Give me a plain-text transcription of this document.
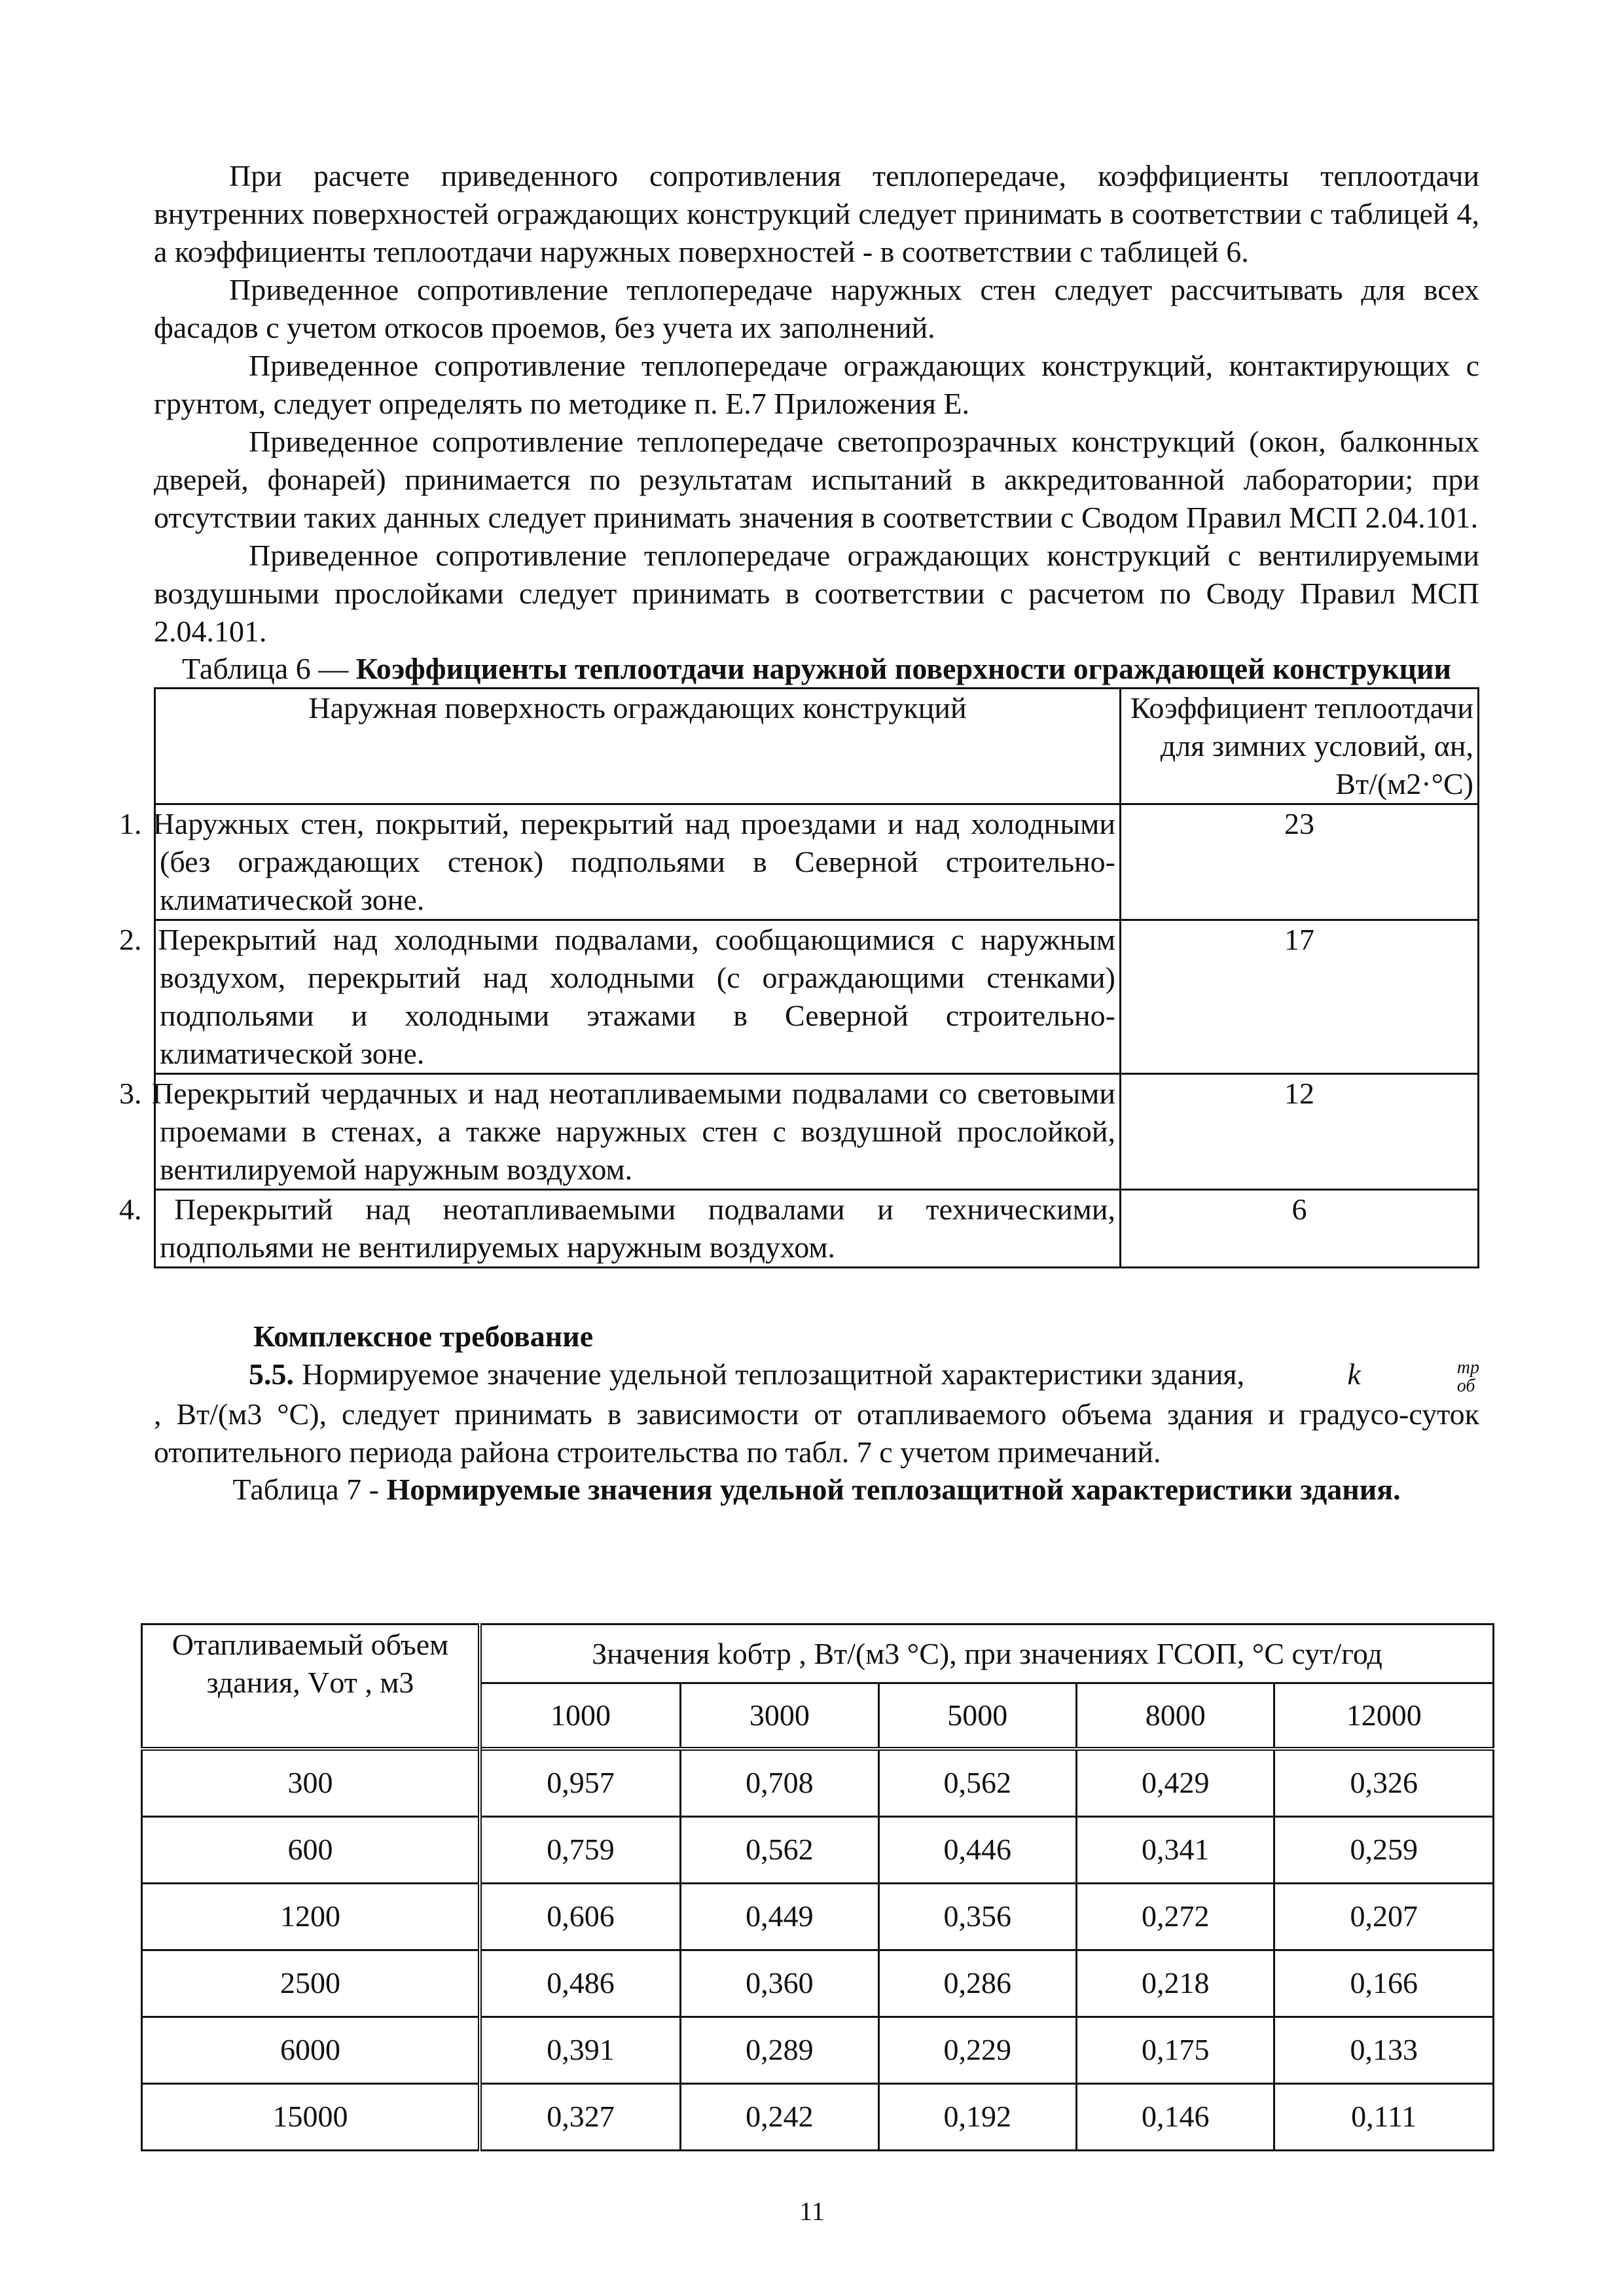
При расчете приведенного сопротивления теплопередаче, коэффициенты теплоотдачи внутренних поверхностей ограждающих конструкций следует принимать в соответствии с таблицей 4, а коэффициенты теплоотдачи наружных поверхностей - в соответствии с таблицей 6.

Приведенное сопротивление теплопередаче наружных стен следует рассчитывать для всех фасадов с учетом откосов проемов, без учета их заполнений.

Приведенное сопротивление теплопередаче ограждающих конструкций, контактирующих с грунтом, следует определять по методике п. Е.7 Приложения Е.

Приведенное сопротивление теплопередаче светопрозрачных конструкций (окон, балконных дверей, фонарей) принимается по результатам испытаний в аккредитованной лаборатории; при отсутствии таких данных следует принимать значения в соответствии с Сводом Правил МСП 2.04.101.

Приведенное сопротивление теплопередаче ограждающих конструкций с вентилируемыми воздушными прослойками следует принимать в соответствии с расчетом по Своду Правил МСП 2.04.101.

Таблица 6 — Коэффициенты теплоотдачи наружной поверхности ограждающей конструкции
Наружная поверхность ограждающих конструкций	Коэффициент теплоотдачи для зимних условий, αн, Вт/(м2·°С)
1. Наружных стен, покрытий, перекрытий над проездами и над холодными (без ограждающих стенок) подпольями в Северной строительно-климатической зоне.	23
2. Перекрытий над холодными подвалами, сообщающимися с наружным воздухом, перекрытий над холодными (с ограждающими стенками) подпольями и холодными этажами в Северной строительно-климатической зоне.	17
3. Перекрытий чердачных и над неотапливаемыми подвалами со световыми проемами в стенах, а также наружных стен с воздушной прослойкой, вентилируемой наружным воздухом.	12
4. Перекрытий над неотапливаемыми подвалами и техническими, подпольями не вентилируемых наружным воздухом.	6
Комплексное требование

5.5. Нормируемое значение удельной теплозащитной характеристики здания,	k	тр
об
, Вт/(м3 °С), следует принимать в зависимости от отапливаемого объема здания и градусо-суток отопительного периода района строительства по табл. 7 с учетом примечаний.

Таблица 7 - Нормируемые значения удельной теплозащитной характеристики здания.
Отапливаемый объем здания, Vот , м3	Значения kобтр , Вт/(м3 °С), при значениях ГСОП, °С сут/год				
	1000	3000	5000	8000	12000
300	0,957	0,708	0,562	0,429	0,326
600	0,759	0,562	0,446	0,341	0,259
1200	0,606	0,449	0,356	0,272	0,207
2500	0,486	0,360	0,286	0,218	0,166
6000	0,391	0,289	0,229	0,175	0,133
15000	0,327	0,242	0,192	0,146	0,111
11
